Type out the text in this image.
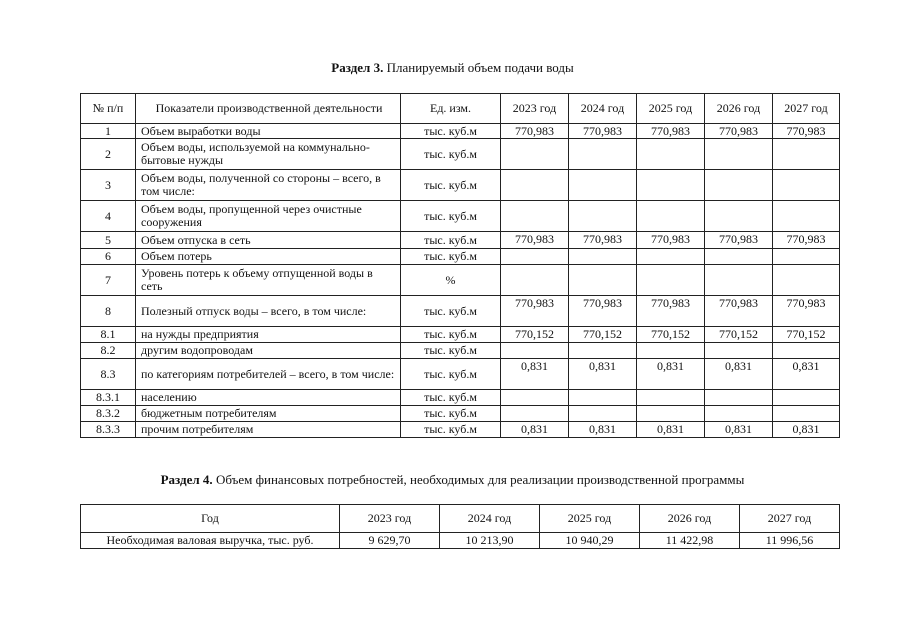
Раздел 3. Планируемый объем подачи воды
№ п/п	Показатели производственной деятельности	Ед. изм.	2023 год	2024 год	2025 год	2026 год	2027 год
1	Объем выработки воды	тыс. куб.м	770,983	770,983	770,983	770,983	770,983
2	Объем воды, используемой на коммунально-бытовые нужды	тыс. куб.м					
3	Объем воды, полученной со стороны – всего, в том числе:	тыс. куб.м					
4	Объем воды, пропущенной через очистные сооружения	тыс. куб.м					
5	Объем отпуска в сеть	тыс. куб.м	770,983	770,983	770,983	770,983	770,983
6	Объем потерь	тыс. куб.м					
7	Уровень потерь к объему отпущенной воды в сеть	%					
8	Полезный отпуск воды – всего, в том числе:	тыс. куб.м	770,983	770,983	770,983	770,983	770,983
8.1	на нужды предприятия	тыс. куб.м	770,152	770,152	770,152	770,152	770,152
8.2	другим водопроводам	тыс. куб.м					
8.3	по категориям потребителей – всего, в том числе:	тыс. куб.м	0,831	0,831	0,831	0,831	0,831
8.3.1	населению	тыс. куб.м					
8.3.2	бюджетным потребителям	тыс. куб.м					
8.3.3	прочим потребителям	тыс. куб.м	0,831	0,831	0,831	0,831	0,831
Раздел 4. Объем финансовых потребностей, необходимых для реализации производственной программы
Год	2023 год	2024 год	2025 год	2026 год	2027 год
Необходимая валовая выручка, тыс. руб.	9 629,70	10 213,90	10 940,29	11 422,98	11 996,56
